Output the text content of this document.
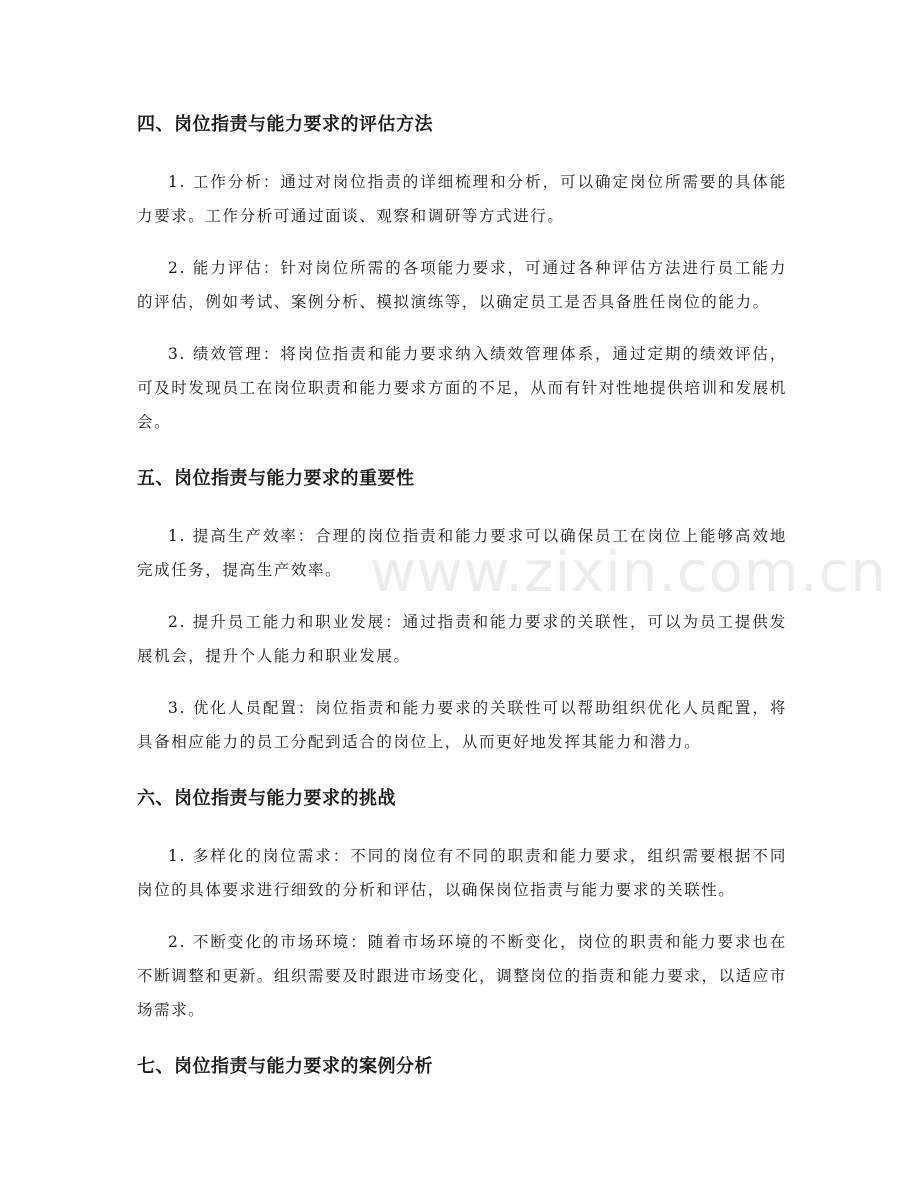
www.zixin.com.cn
四、岗位指责与能力要求的评估方法

1. 工作分析：通过对岗位指责的详细梳理和分析，可以确定岗位所需要的具体能力要求。工作分析可通过面谈、观察和调研等方式进行。

2. 能力评估：针对岗位所需的各项能力要求，可通过各种评估方法进行员工能力的评估，例如考试、案例分析、模拟演练等，以确定员工是否具备胜任岗位的能力。

3. 绩效管理：将岗位指责和能力要求纳入绩效管理体系，通过定期的绩效评估，可及时发现员工在岗位职责和能力要求方面的不足，从而有针对性地提供培训和发展机会。

五、岗位指责与能力要求的重要性

1. 提高生产效率：合理的岗位指责和能力要求可以确保员工在岗位上能够高效地完成任务，提高生产效率。

2. 提升员工能力和职业发展：通过指责和能力要求的关联性，可以为员工提供发展机会，提升个人能力和职业发展。

3. 优化人员配置：岗位指责和能力要求的关联性可以帮助组织优化人员配置，将具备相应能力的员工分配到适合的岗位上，从而更好地发挥其能力和潜力。

六、岗位指责与能力要求的挑战

1. 多样化的岗位需求：不同的岗位有不同的职责和能力要求，组织需要根据不同岗位的具体要求进行细致的分析和评估，以确保岗位指责与能力要求的关联性。

2. 不断变化的市场环境：随着市场环境的不断变化，岗位的职责和能力要求也在不断调整和更新。组织需要及时跟进市场变化，调整岗位的指责和能力要求，以适应市场需求。

七、岗位指责与能力要求的案例分析
